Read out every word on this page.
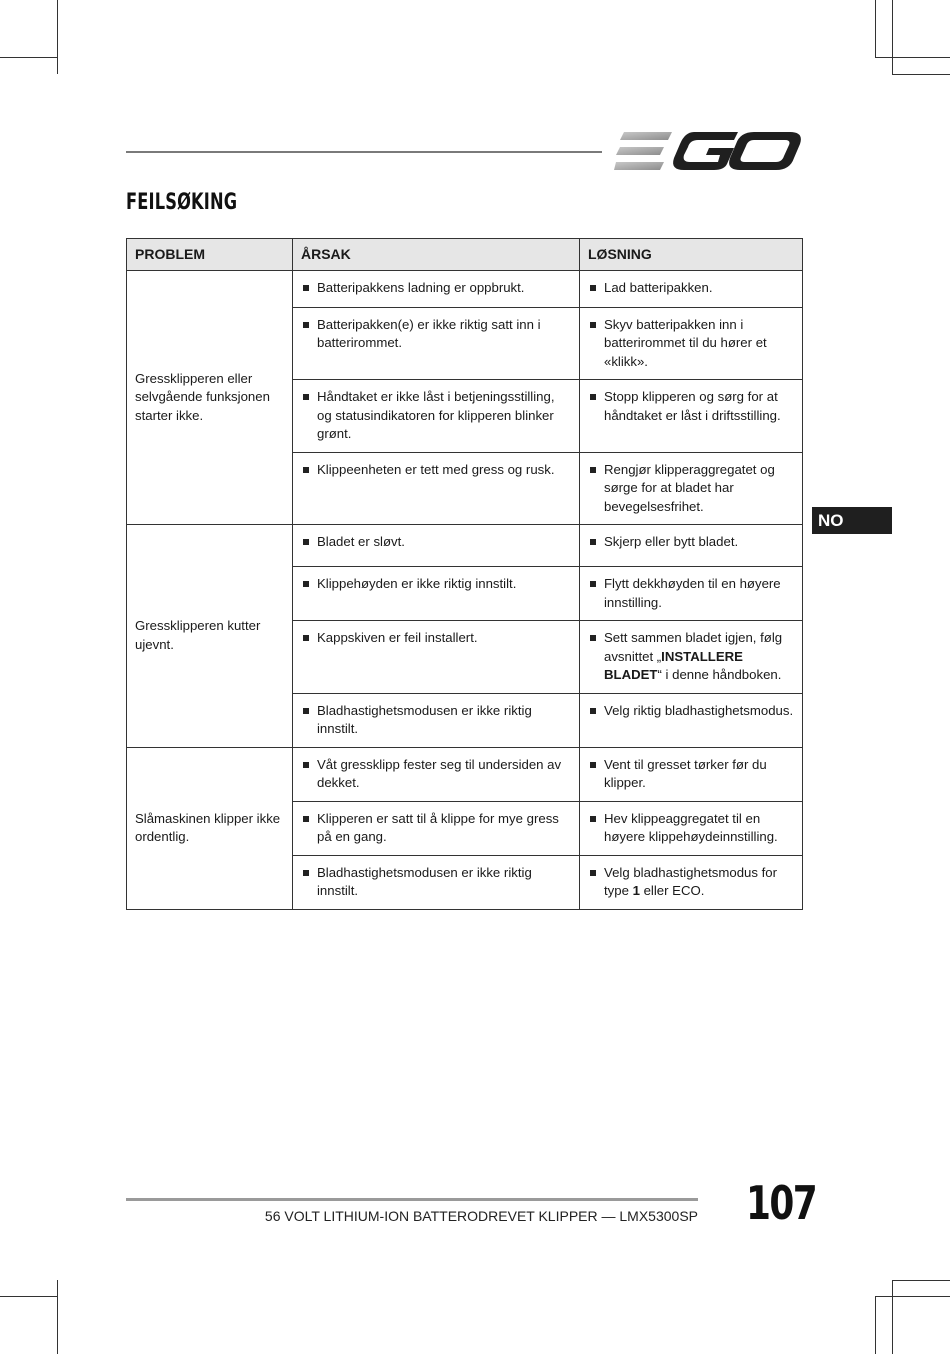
FEILSØKING
PROBLEM	ÅRSAK	LØSNING
Gressklipperen eller selvgående funksjonen starter ikke.	Batteripakkens ladning er oppbrukt.	Lad batteripakken.

	Batteripakken(e) er ikke riktig satt inn i batterirommet.	Skyv batteripakken inn i batterirommet til du hører et «klikk».

	Håndtaket er ikke låst i betjeningsstilling, og statusindikatoren for klipperen blinker grønt.	Stopp klipperen og sørg for at håndtaket er låst i driftsstilling.

	Klippeenheten er tett med gress og rusk.	Rengjør klipperaggregatet og sørge for at bladet har bevegelsesfrihet.

Gressklipperen kutter ujevnt.	Bladet er sløvt.	Skjerp eller bytt bladet.

	Klippehøyden er ikke riktig innstilt.	Flytt dekkhøyden til en høyere innstilling.

	Kappskiven er feil installert.	Sett sammen bladet igjen, følg avsnittet „INSTALLERE BLADET“ i denne håndboken.

	Bladhastighetsmodusen er ikke riktig innstilt.	Velg riktig bladhastighetsmodus.

Slåmaskinen klipper ikke ordentlig.	Våt gressklipp fester seg til undersiden av dekket.	Vent til gresset tørker før du klipper.

	Klipperen er satt til å klippe for mye gress på en gang.	Hev klippeaggregatet til en høyere klippehøydeinnstilling.

	Bladhastighetsmodusen er ikke riktig innstilt.	Velg bladhastighetsmodus for type 1 eller ECO.
NO
56 VOLT LITHIUM-ION BATTERODREVET KLIPPER — LMX5300SP 107
